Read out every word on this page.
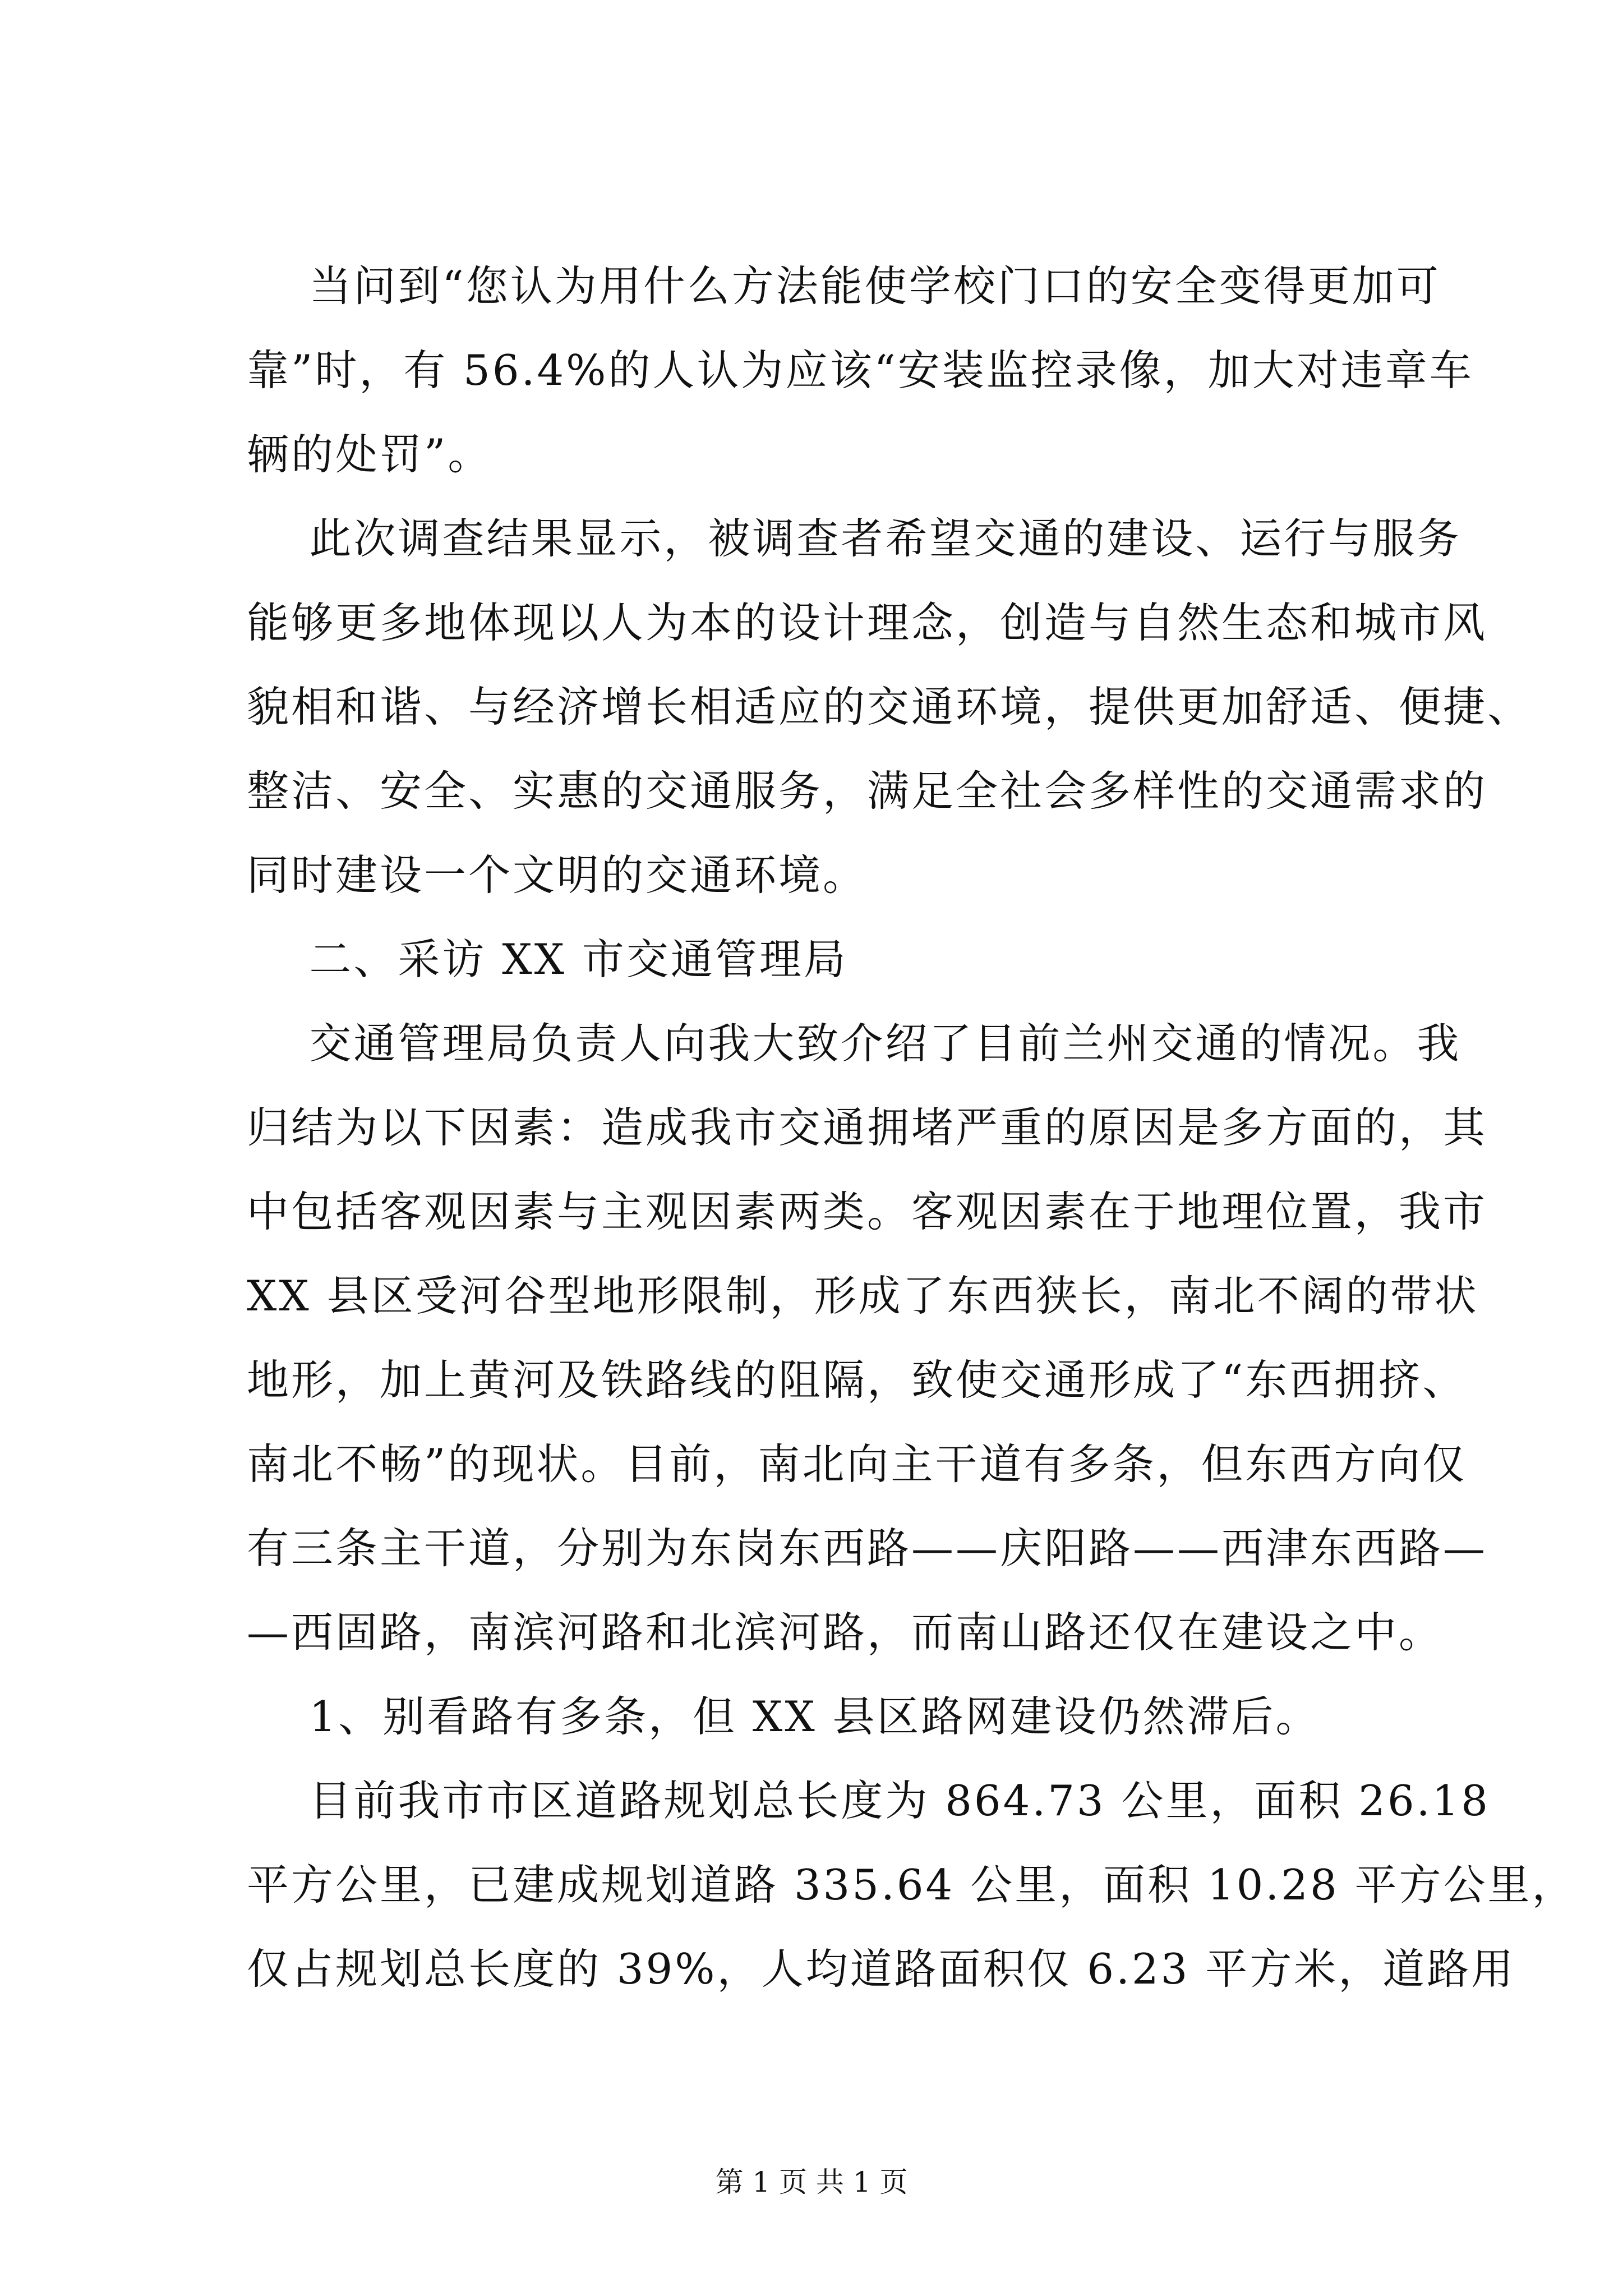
当问到“您认为用什么方法能使学校门口的安全变得更加可
靠”时，有 56.4%的人认为应该“安装监控录像，加大对违章车
辆的处罚”。
此次调查结果显示，被调查者希望交通的建设、运行与服务
能够更多地体现以人为本的设计理念，创造与自然生态和城市风
貌相和谐、与经济增长相适应的交通环境，提供更加舒适、便捷、
整洁、安全、实惠的交通服务，满足全社会多样性的交通需求的
同时建设一个文明的交通环境。
二、采访 XX 市交通管理局
交通管理局负责人向我大致介绍了目前兰州交通的情况。我
归结为以下因素：造成我市交通拥堵严重的原因是多方面的，其
中包括客观因素与主观因素两类。客观因素在于地理位置，我市
XX 县区受河谷型地形限制，形成了东西狭长，南北不阔的带状
地形，加上黄河及铁路线的阻隔，致使交通形成了“东西拥挤、
南北不畅”的现状。目前，南北向主干道有多条，但东西方向仅
有三条主干道，分别为东岗东西路——庆阳路——西津东西路—
—西固路，南滨河路和北滨河路，而南山路还仅在建设之中。
1、别看路有多条，但 XX 县区路网建设仍然滞后。
目前我市市区道路规划总长度为 864.73 公里，面积 26.18
平方公里，已建成规划道路 335.64 公里，面积 10.28 平方公里，
仅占规划总长度的 39%，人均道路面积仅 6.23 平方米，道路用
第 1 页 共 1 页
